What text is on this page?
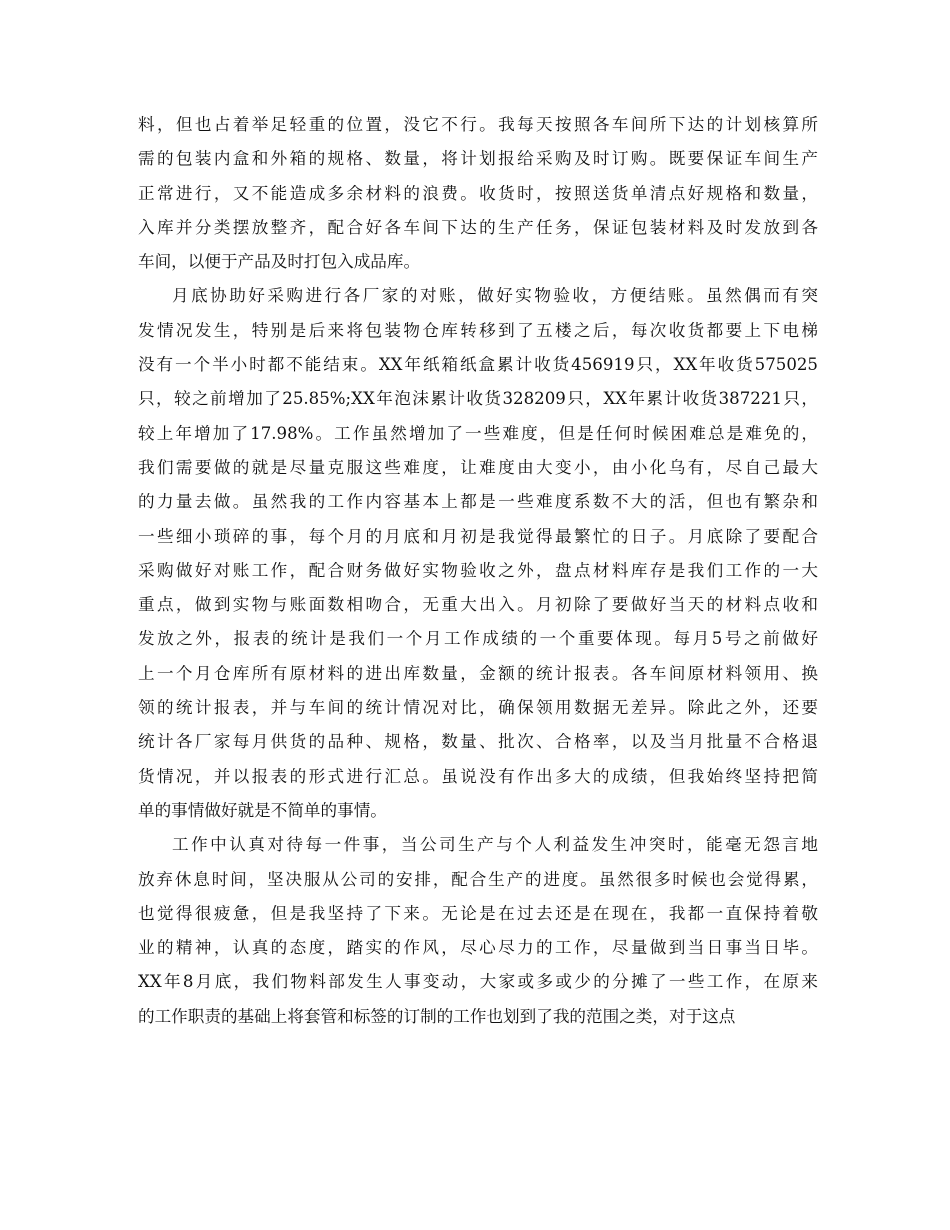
料，但也占着举足轻重的位置，没它不行。我每天按照各车间所下达的计划核算所
需的包装内盒和外箱的规格、数量，将计划报给采购及时订购。既要保证车间生产
正常进行，又不能造成多余材料的浪费。收货时，按照送货单清点好规格和数量，
入库并分类摆放整齐，配合好各车间下达的生产任务，保证包装材料及时发放到各
车间，以便于产品及时打包入成品库。
月底协助好采购进行各厂家的对账，做好实物验收，方便结账。虽然偶而有突
发情况发生，特别是后来将包装物仓库转移到了五楼之后，每次收货都要上下电梯
没有一个半小时都不能结束。XX年纸箱纸盒累计收货456919只，XX年收货575025
只，较之前增加了25.85%;XX年泡沫累计收货328209只，XX年累计收货387221只，
较上年增加了17.98%。工作虽然增加了一些难度，但是任何时候困难总是难免的，
我们需要做的就是尽量克服这些难度，让难度由大变小，由小化乌有，尽自己最大
的力量去做。虽然我的工作内容基本上都是一些难度系数不大的活，但也有繁杂和
一些细小琐碎的事，每个月的月底和月初是我觉得最繁忙的日子。月底除了要配合
采购做好对账工作，配合财务做好实物验收之外，盘点材料库存是我们工作的一大
重点，做到实物与账面数相吻合，无重大出入。月初除了要做好当天的材料点收和
发放之外，报表的统计是我们一个月工作成绩的一个重要体现。每月5号之前做好
上一个月仓库所有原材料的进出库数量，金额的统计报表。各车间原材料领用、换
领的统计报表，并与车间的统计情况对比，确保领用数据无差异。除此之外，还要
统计各厂家每月供货的品种、规格，数量、批次、合格率，以及当月批量不合格退
货情况，并以报表的形式进行汇总。虽说没有作出多大的成绩，但我始终坚持把简
单的事情做好就是不简单的事情。
工作中认真对待每一件事，当公司生产与个人利益发生冲突时，能毫无怨言地
放弃休息时间，坚决服从公司的安排，配合生产的进度。虽然很多时候也会觉得累，
也觉得很疲惫，但是我坚持了下来。无论是在过去还是在现在，我都一直保持着敬
业的精神，认真的态度，踏实的作风，尽心尽力的工作，尽量做到当日事当日毕。
XX年8月底，我们物料部发生人事变动，大家或多或少的分摊了一些工作，在原来
的工作职责的基础上将套管和标签的订制的工作也划到了我的范围之类，对于这点
